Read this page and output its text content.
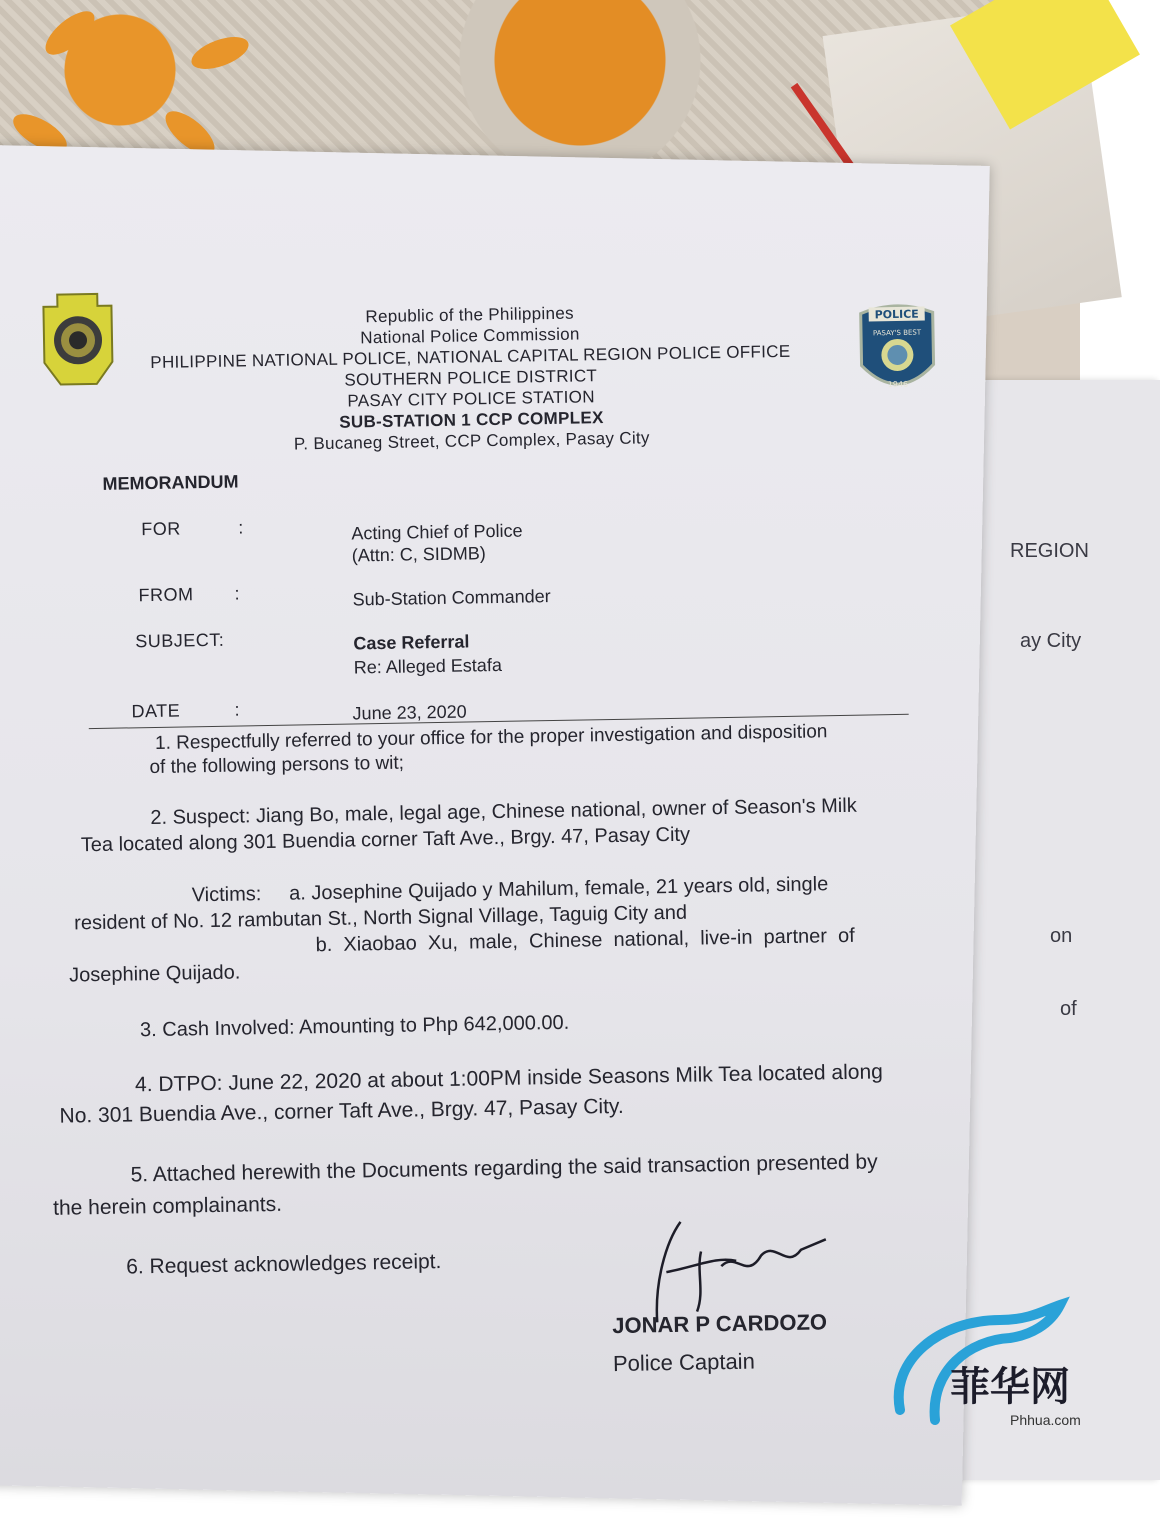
REGION
ay City
on
of
POLICE
PASAY'S BEST
1946
Republic of the Philippines
National Police Commission
PHILIPPINE NATIONAL POLICE, NATIONAL CAPITAL REGION POLICE OFFICE
SOUTHERN POLICE DISTRICT
PASAY CITY POLICE STATION
SUB-STATION 1 CCP COMPLEX
P. Bucaneg Street, CCP Complex, Pasay City
MEMORANDUM
FOR	:	Acting Chief of Police
(Attn: C, SIDMB)
FROM :	Sub-Station Commander
SUBJECT:	Case Referral
Re: Alleged Estafa
DATE	:	June 23, 2020
1. Respectfully referred to your office for the proper investigation and disposition
of the following persons to wit;
2. Suspect: Jiang Bo, male, legal age, Chinese national, owner of Season's Milk
Tea located along 301 Buendia corner Taft Ave., Brgy. 47, Pasay City
Victims:     a. Josephine Quijado y Mahilum, female, 21 years old, single
resident of No. 12 rambutan St., North Signal Village, Taguig City and
b.  Xiaobao  Xu,  male,  Chinese  national,  live-in  partner  of
Josephine Quijado.
3. Cash Involved: Amounting to Php 642,000.00.
4. DTPO: June 22, 2020 at about 1:00PM inside Seasons Milk Tea located along
No. 301 Buendia Ave., corner Taft Ave., Brgy. 47, Pasay City.
5. Attached herewith the Documents regarding the said transaction presented by
the herein complainants.
6. Request acknowledges receipt.
JONAR P CARDOZO
Police Captain
菲华网
Phhua.com
